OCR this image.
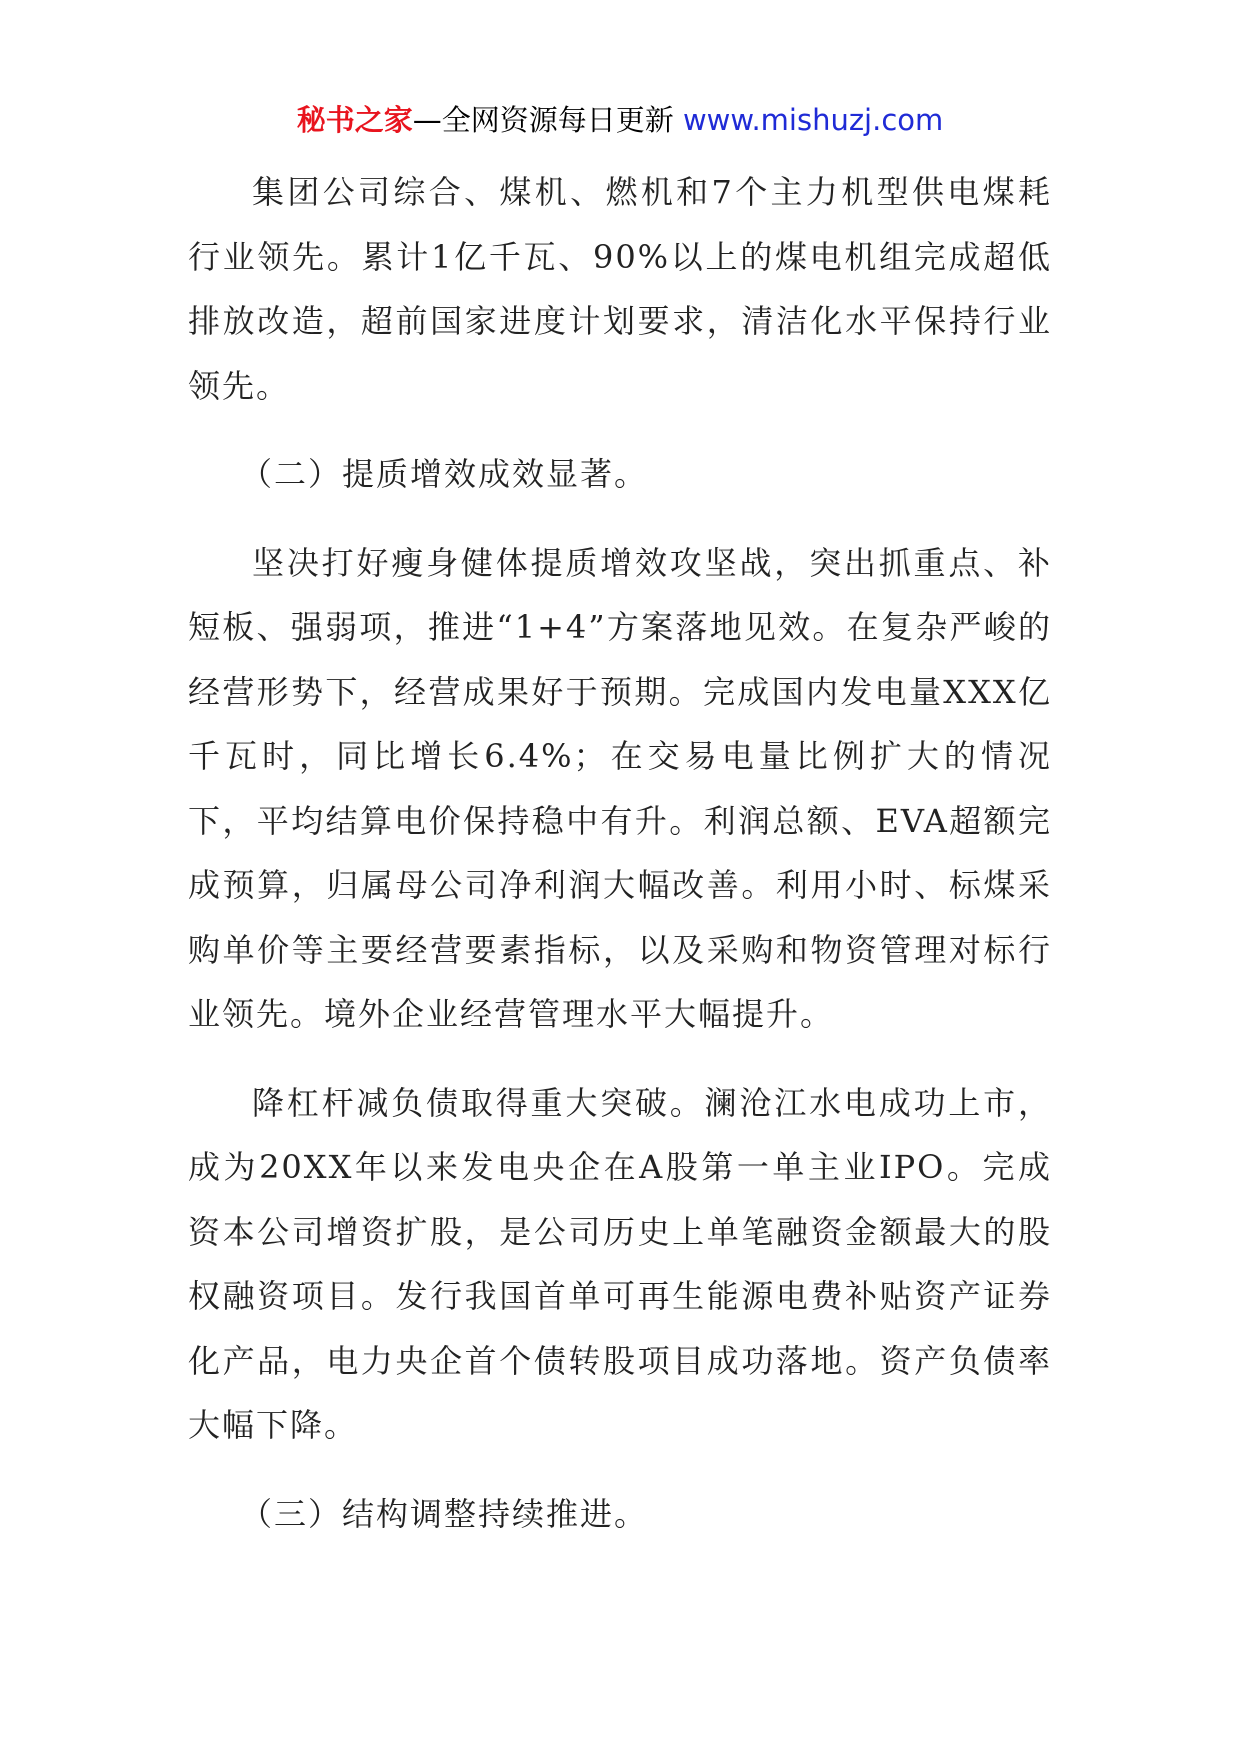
秘书之家—全网资源每日更新 www.mishuzj.com

集团公司综合、煤机、燃机和7个主力机型供电煤耗行业领先。累计1亿千瓦、90%以上的煤电机组完成超低排放改造，超前国家进度计划要求，清洁化水平保持行业领先。

（二）提质增效成效显著。

坚决打好瘦身健体提质增效攻坚战，突出抓重点、补短板、强弱项，推进“1+4”方案落地见效。在复杂严峻的经营形势下，经营成果好于预期。完成国内发电量XXX亿千瓦时，同比增长6.4%；在交易电量比例扩大的情况下，平均结算电价保持稳中有升。利润总额、EVA超额完成预算，归属母公司净利润大幅改善。利用小时、标煤采购单价等主要经营要素指标，以及采购和物资管理对标行业领先。境外企业经营管理水平大幅提升。

降杠杆减负债取得重大突破。澜沧江水电成功上市，成为20XX年以来发电央企在A股第一单主业IPO。完成资本公司增资扩股，是公司历史上单笔融资金额最大的股权融资项目。发行我国首单可再生能源电费补贴资产证券化产品，电力央企首个债转股项目成功落地。资产负债率大幅下降。

（三）结构调整持续推进。
